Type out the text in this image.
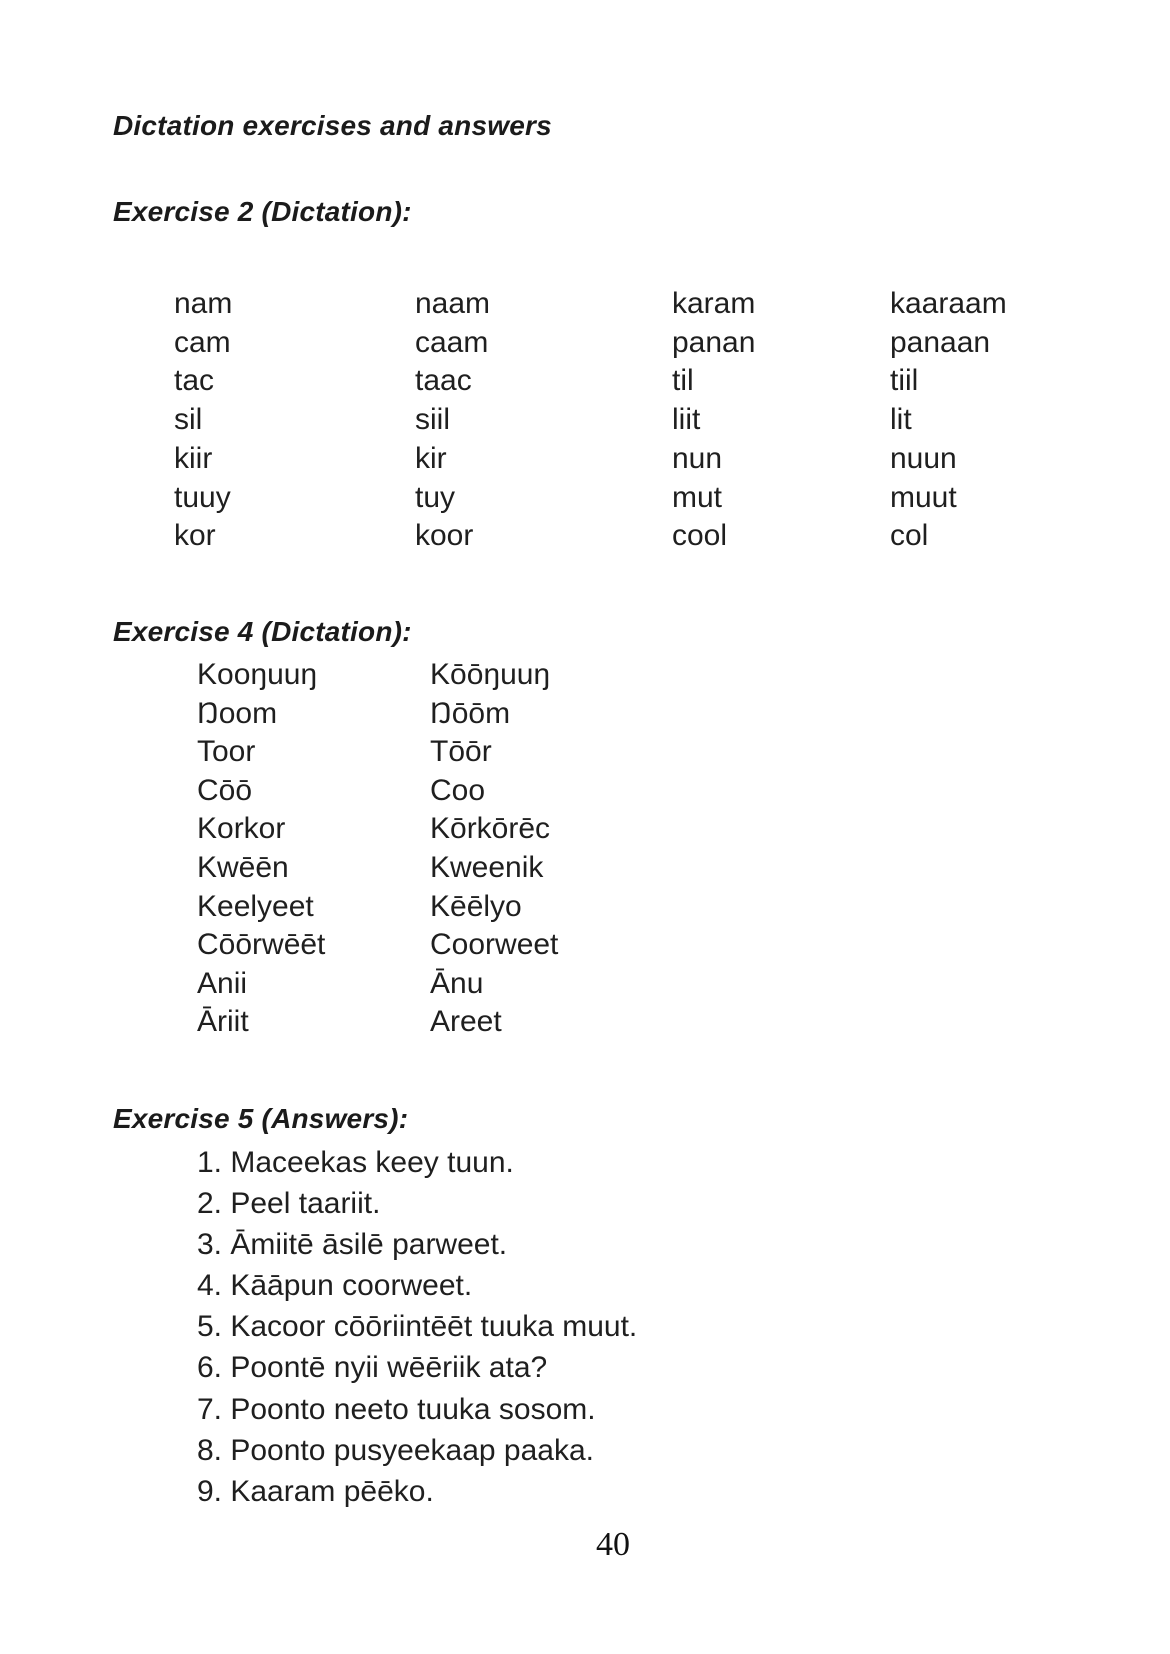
Dictation exercises and answers
Exercise 2 (Dictation):
nam	naam	karam	kaaraam
cam	caam	panan	panaan
tac	taac	til	tiil
sil	siil	liit	lit
kiir	kir	nun	nuun
tuuy	tuy	mut	muut
kor	koor	cool	col
Exercise 4 (Dictation):
Kooŋuuŋ	Kōōŋuuŋ
Ŋoom	Ŋōōm
Toor	Tōōr
Cōō	Coo
Korkor	Kōrkōrēc
Kwēēn	Kweenik
Keelyeet	Kēēlyo
Cōōrwēēt	Coorweet
Anii	Ānu
Āriit	Areet
Exercise 5 (Answers):
1. Maceekas keey tuun.
2. Peel taariit.
3. Āmiitē āsilē parweet.
4. Kāāpun coorweet.
5. Kacoor cōōriintēēt tuuka muut.
6. Poontē nyii wēēriik ata?
7. Poonto neeto tuuka sosom.
8. Poonto pusyeekaap paaka.
9. Kaaram pēēko.
40
